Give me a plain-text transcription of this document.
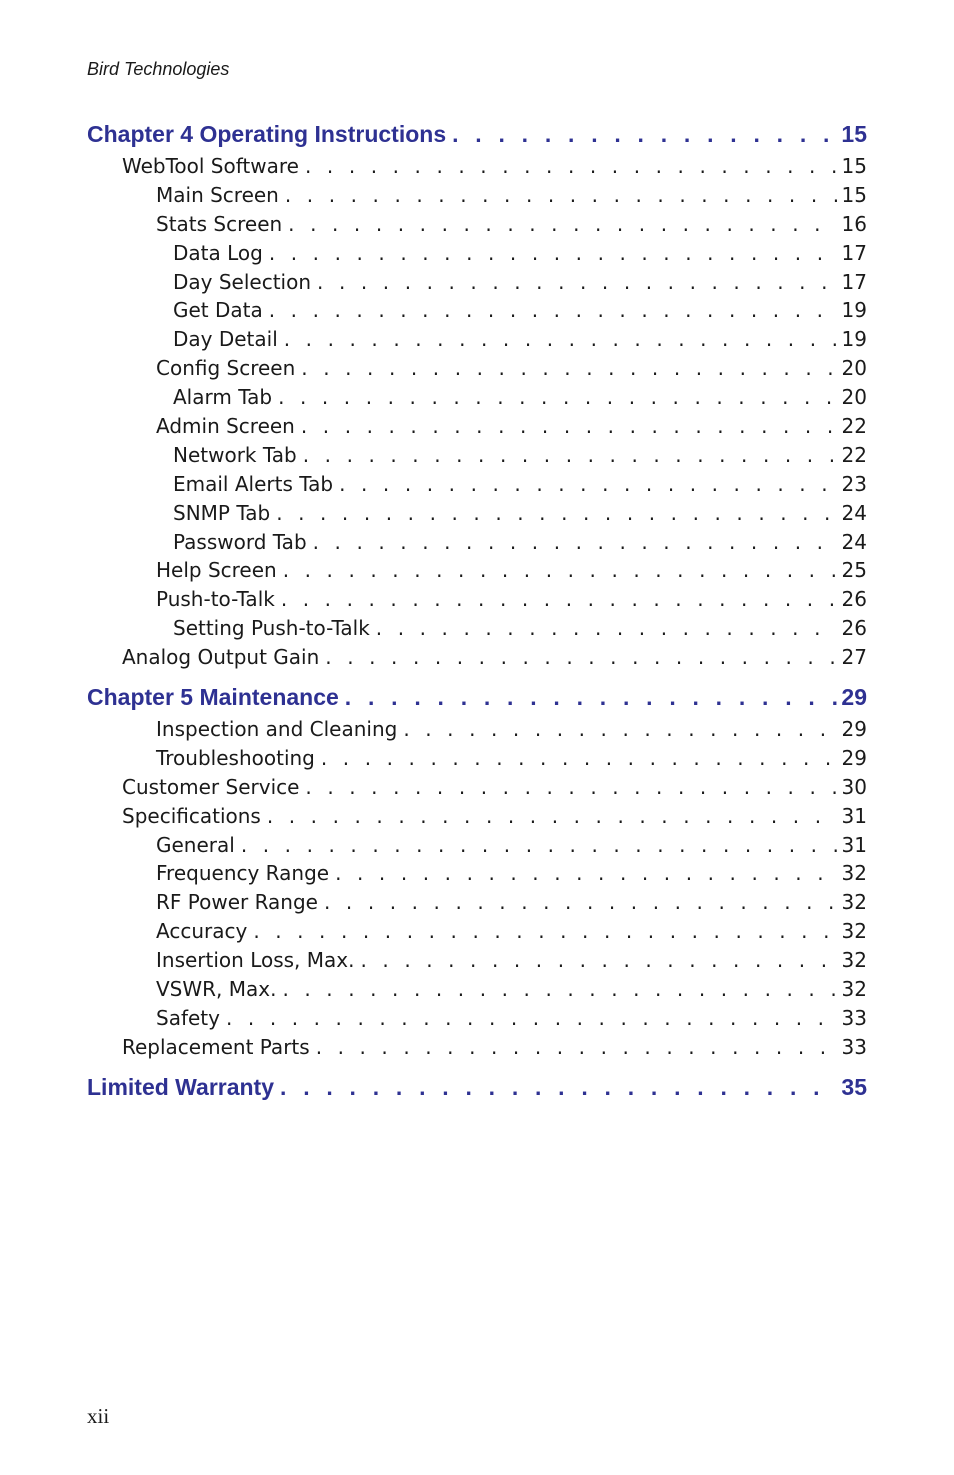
Bird Technologies
Chapter 4 Operating Instructions . . .	15
WebTool Software . . .	15
Main Screen . . .	15
Stats Screen . . .	16
Data Log . . .	17
Day Selection . . .	17
Get Data . . .	19
Day Detail . . .	19
Config Screen . . .	20
Alarm Tab . . .	20
Admin Screen . . .	22
Network Tab . . .	22
Email Alerts Tab . . .	23
SNMP Tab . . .	24
Password Tab . . .	24
Help Screen . . .	25
Push-to-Talk . . .	26
Setting Push-to-Talk . . .	26
Analog Output Gain . . .	27
Chapter 5 Maintenance . . .	29
Inspection and Cleaning . . .	29
Troubleshooting . . .	29
Customer Service . . .	30
Specifications . . .	31
General . . .	31
Frequency Range . . .	32
RF Power Range . . .	32
Accuracy . . .	32
Insertion Loss, Max. . . .	32
VSWR, Max. . . .	32
Safety . . .	33
Replacement Parts . . .	33
Limited Warranty . . .	35
xii
